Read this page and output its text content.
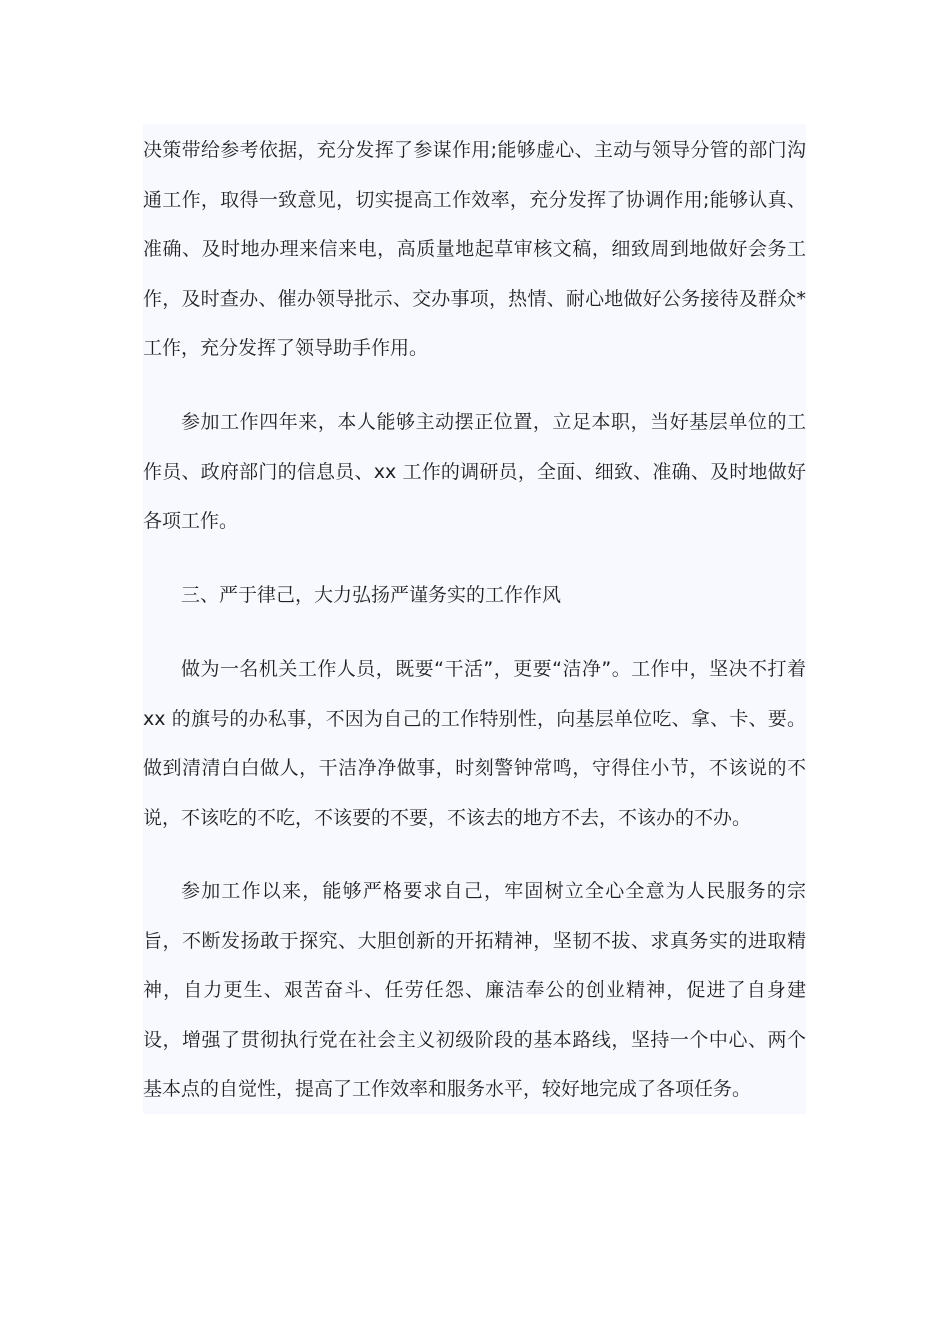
决策带给参考依据，充分发挥了参谋作用;能够虚心、主动与领导分管的部门沟通工作，取得一致意见，切实提高工作效率，充分发挥了协调作用;能够认真、准确、及时地办理来信来电，高质量地起草审核文稿，细致周到地做好会务工作，及时查办、催办领导批示、交办事项，热情、耐心地做好公务接待及群众*工作，充分发挥了领导助手作用。

参加工作四年来，本人能够主动摆正位置，立足本职，当好基层单位的工作员、政府部门的信息员、xx 工作的调研员，全面、细致、准确、及时地做好各项工作。

三、严于律己，大力弘扬严谨务实的工作作风

做为一名机关工作人员，既要“干活”，更要“洁净”。工作中，坚决不打着 xx 的旗号的办私事，不因为自己的工作特别性，向基层单位吃、拿、卡、要。做到清清白白做人，干洁净净做事，时刻警钟常鸣，守得住小节，不该说的不说，不该吃的不吃，不该要的不要，不该去的地方不去，不该办的不办。

参加工作以来，能够严格要求自己，牢固树立全心全意为人民服务的宗旨，不断发扬敢于探究、大胆创新的开拓精神，坚韧不拔、求真务实的进取精神，自力更生、艰苦奋斗、任劳任怨、廉洁奉公的创业精神，促进了自身建设，增强了贯彻执行党在社会主义初级阶段的基本路线，坚持一个中心、两个基本点的自觉性，提高了工作效率和服务水平，较好地完成了各项任务。
